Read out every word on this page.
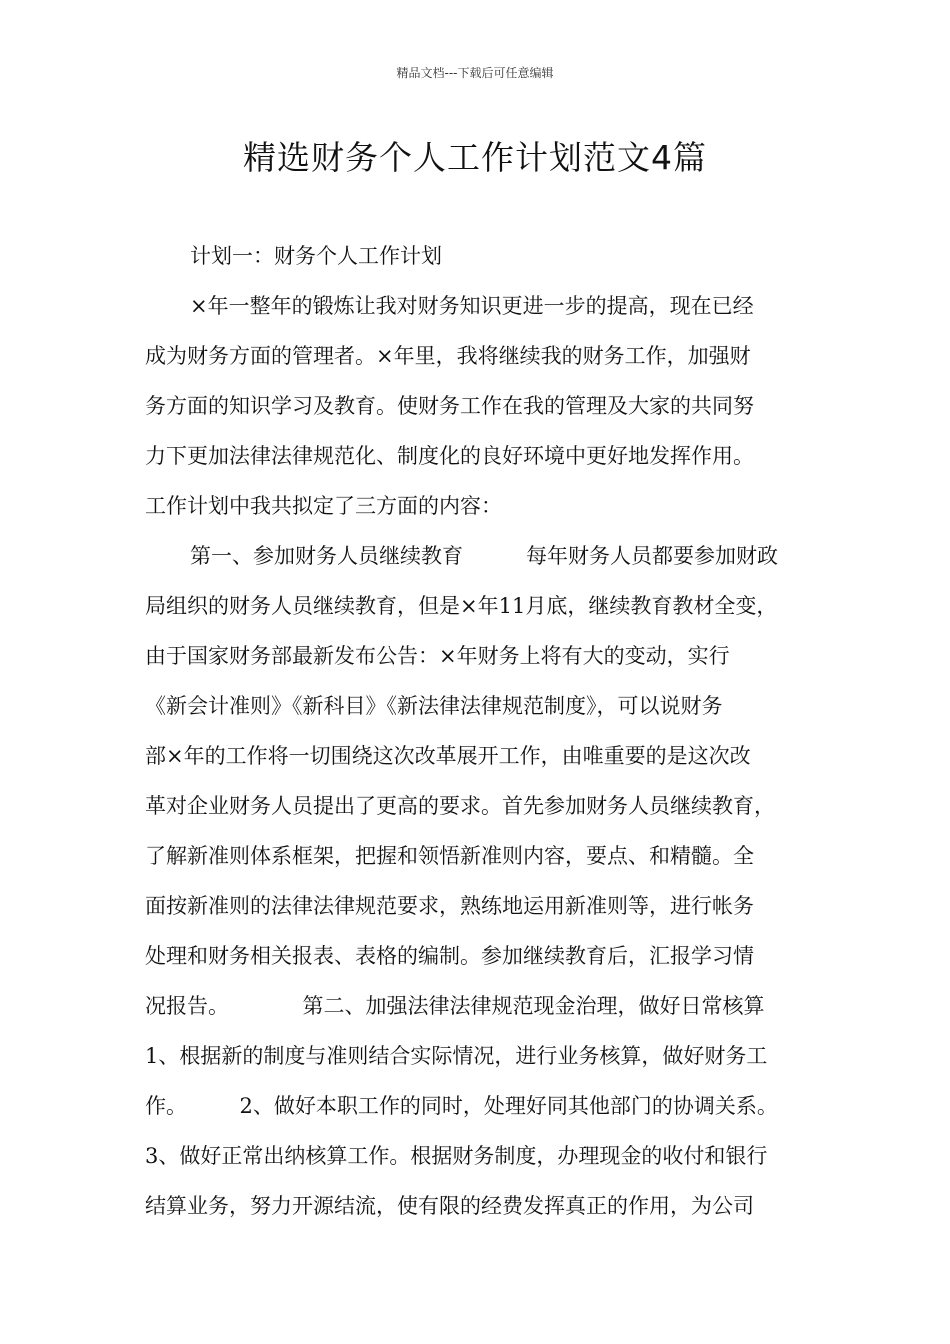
精品文档---下载后可任意编辑
精选财务个人工作计划范文4篇
计划一：财务个人工作计划
×年一整年的锻炼让我对财务知识更进一步的提高，现在已经
成为财务方面的管理者。×年里，我将继续我的财务工作，加强财
务方面的知识学习及教育。使财务工作在我的管理及大家的共同努
力下更加法律法律规范化、制度化的良好环境中更好地发挥作用。
工作计划中我共拟定了三方面的内容：
第一、参加财务人员继续教育　　　每年财务人员都要参加财政
局组织的财务人员继续教育，但是×年11月底，继续教育教材全变，
由于国家财务部最新发布公告：×年财务上将有大的变动，实行
《新会计准则》《新科目》《新法律法律规范制度》，可以说财务
部×年的工作将一切围绕这次改革展开工作，由唯重要的是这次改
革对企业财务人员提出了更高的要求。首先参加财务人员继续教育，
了解新准则体系框架，把握和领悟新准则内容，要点、和精髓。全
面按新准则的法律法律规范要求，熟练地运用新准则等，进行帐务
处理和财务相关报表、表格的编制。参加继续教育后，汇报学习情
况报告。　　　　第二、加强法律法律规范现金治理，做好日常核算
1、根据新的制度与准则结合实际情况，进行业务核算，做好财务工
作。　　　2、做好本职工作的同时，处理好同其他部门的协调关系。
3、做好正常出纳核算工作。根据财务制度，办理现金的收付和银行
结算业务，努力开源结流，使有限的经费发挥真正的作用，为公司
